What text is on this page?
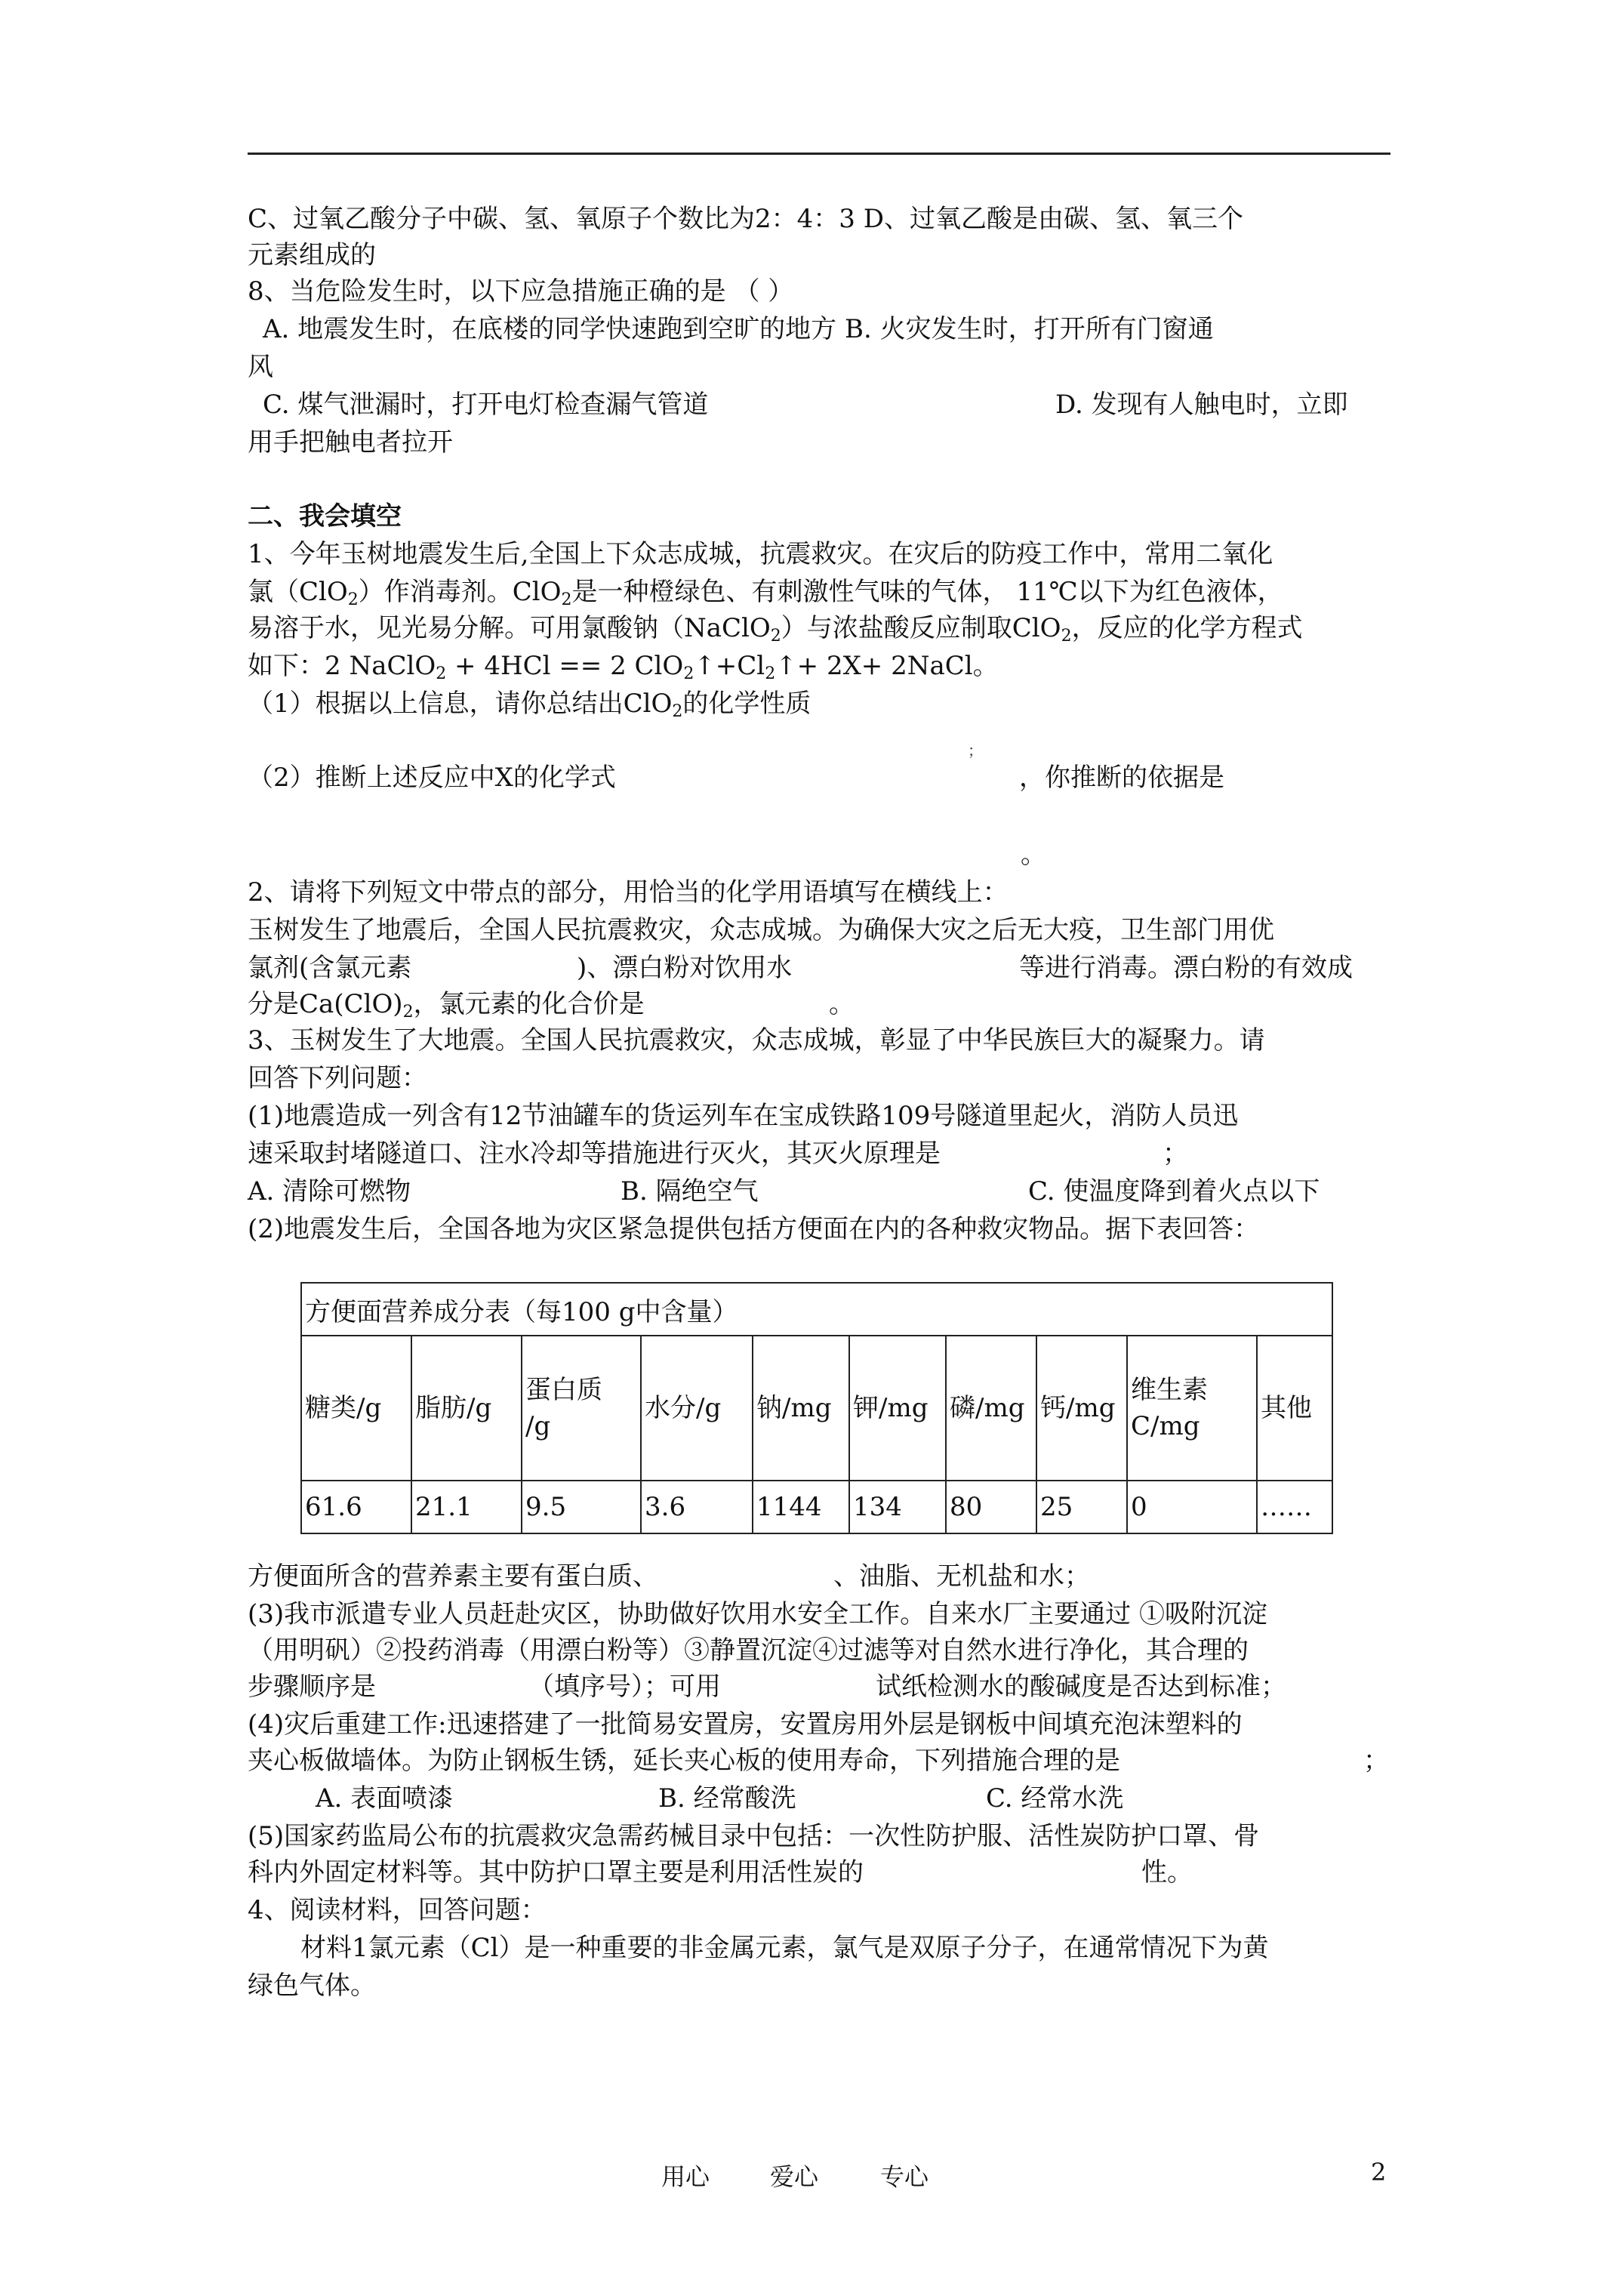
C、过氧乙酸分子中碳、氢、氧原子个数比为2：4：3 D、过氧乙酸是由碳、氢、氧三个
元素组成的
8、当危险发生时，以下应急措施正确的是 （ ）
A. 地震发生时，在底楼的同学快速跑到空旷的地方 B. 火灾发生时，打开所有门窗通
风
C. 煤气泄漏时，打开电灯检查漏气管道	D. 发现有人触电时，立即
用手把触电者拉开
二、我会填空
1、今年玉树地震发生后,全国上下众志成城，抗震救灾。在灾后的防疫工作中，常用二氧化
氯（ClO$_2$）作消毒剂。ClO$_2$是一种橙绿色、有刺激性气味的气体， 11℃以下为红色液体，
易溶于水，见光易分解。可用氯酸钠（NaClO$_2$）与浓盐酸反应制取ClO$_2$，反应的化学方程式
如下：2 NaClO$_2$ + 4HCl == 2 $ClO_2↑+Cl_2↑+ 2X+$ 2NaCl。
（1）根据以上信息，请你总结出ClO$_2$的化学性质
；
（2）推断上述反应中X的化学式	，你推断的依据是
。
2、请将下列短文中带点的部分，用恰当的化学用语填写在横线上：
玉树发生了地震后，全国人民抗震救灾，众志成城。为确保大灾之后无大疫，卫生部门用优
氯剂(含氯元素	)、漂白粉对饮用水	等进行消毒。漂白粉的有效成
分是$Ca(ClO)_2$，氯元素的化合价是	。
3、玉树发生了大地震。全国人民抗震救灾，众志成城，彰显了中华民族巨大的凝聚力。请
回答下列问题：
(1)地震造成一列含有12节油罐车的货运列车在宝成铁路109号隧道里起火，消防人员迅
速采取封堵隧道口、注水冷却等措施进行灭火，其灭火原理是	；
A. 清除可燃物	B. 隔绝空气	C. 使温度降到着火点以下
(2)地震发生后，全国各地为灾区紧急提供包括方便面在内的各种救灾物品。据下表回答：
方便面营养成分表（每100 g中含量）									
糖类/g	脂肪/g	蛋白质
/g	水分/g	钠/mg	钾/mg	磷/mg	钙/mg	维生素
C/mg	其他
61.6	21.1	9.5	3.6	1144	134	80	25	0	……
方便面所含的营养素主要有蛋白质、	、油脂、无机盐和水；
(3)我市派遣专业人员赶赴灾区，协助做好饮用水安全工作。自来水厂主要通过 ①吸附沉淀
（用明矾）②投药消毒（用漂白粉等）③静置沉淀④过滤等对自然水进行净化，其合理的
步骤顺序是	（填序号）；可用	试纸检测水的酸碱度是否达到标准；
(4)灾后重建工作:迅速搭建了一批简易安置房，安置房用外层是钢板中间填充泡沫塑料的
夹心板做墙体。为防止钢板生锈，延长夹心板的使用寿命，下列措施合理的是	；
A. 表面喷漆	B. 经常酸洗	C. 经常水洗
(5)国家药监局公布的抗震救灾急需药械目录中包括：一次性防护服、活性炭防护口罩、骨
科内外固定材料等。其中防护口罩主要是利用活性炭的	性。
4、阅读材料，回答问题：
材料1氯元素（Cl）是一种重要的非金属元素，氯气是双原子分子，在通常情况下为黄
绿色气体。
用心 爱心	专心	2
